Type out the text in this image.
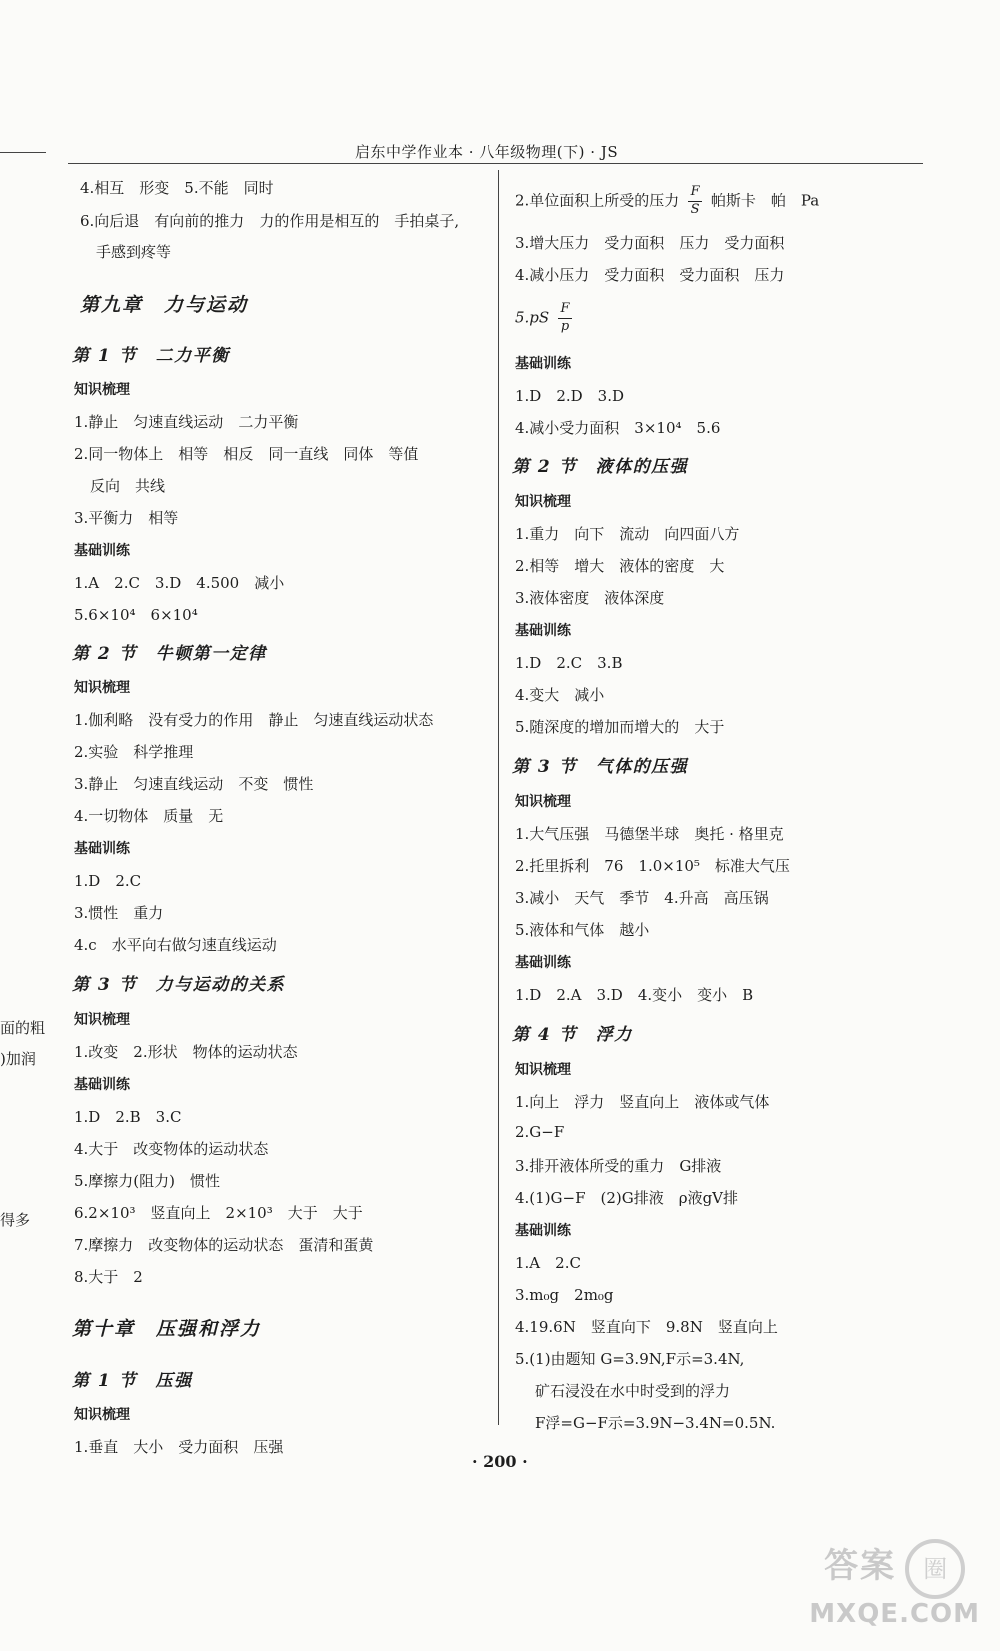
启东中学作业本 · 八年级物理(下) · JS
面的粗
)加润
得多
4.相互　形变　5.不能　同时
6.向后退　有向前的推力　力的作用是相互的　手拍桌子,
手感到疼等
第九章　力与运动
第 1 节　二力平衡
知识梳理
1.静止　匀速直线运动　二力平衡
2.同一物体上　相等　相反　同一直线　同体　等值
反向　共线
3.平衡力　相等
基础训练
1.A　2.C　3.D　4.500　减小
5.6×10⁴　6×10⁴
第 2 节　牛顿第一定律
知识梳理
1.伽利略　没有受力的作用　静止　匀速直线运动状态
2.实验　科学推理
3.静止　匀速直线运动　不变　惯性
4.一切物体　质量　无
基础训练
1.D　2.C
3.惯性　重力
4.c　水平向右做匀速直线运动
第 3 节　力与运动的关系
知识梳理
1.改变　2.形状　物体的运动状态
基础训练
1.D　2.B　3.C
4.大于　改变物体的运动状态
5.摩擦力(阻力)　惯性
6.2×10³　竖直向上　2×10³　大于　大于
7.摩擦力　改变物体的运动状态　蛋清和蛋黄
8.大于　2
第十章　压强和浮力
第 1 节　压强
知识梳理
1.垂直　大小　受力面积　压强
2.单位面积上所受的压力 $\frac{F}{S}$ 帕斯卡　帕　Pa
3.增大压力　受力面积　压力　受力面积
4.减小压力　受力面积　受力面积　压力
$5.pS \frac{F}{p}$
基础训练
1.D　2.D　3.D
4.减小受力面积　3×10⁴　5.6
第 2 节　液体的压强
知识梳理
1.重力　向下　流动　向四面八方
2.相等　增大　液体的密度　大
3.液体密度　液体深度
基础训练
1.D　2.C　3.B
4.变大　减小
5.随深度的增加而增大的　大于
第 3 节　气体的压强
知识梳理
1.大气压强　马德堡半球　奥托 · 格里克
2.托里拆利　76　1.0×10⁵　标准大气压
3.减小　天气　季节　4.升高　高压锅
5.液体和气体　越小
基础训练
1.D　2.A　3.D　4.变小　变小　B
第 4 节　浮力
知识梳理
1.向上　浮力　竖直向上　液体或气体
2.G−F
3.排开液体所受的重力　G排液
4.(1)G−F　(2)G排液　ρ液gV排
基础训练
1.A　2.C
3.m₀g　2m₀g
4.19.6N　竖直向下　9.8N　竖直向上
5.(1)由题知 G=3.9N,F示=3.4N,
矿石浸没在水中时受到的浮力
F浮=G−F示=3.9N−3.4N=0.5N.
· 200 ·
答案 圈
MXQE.COM
